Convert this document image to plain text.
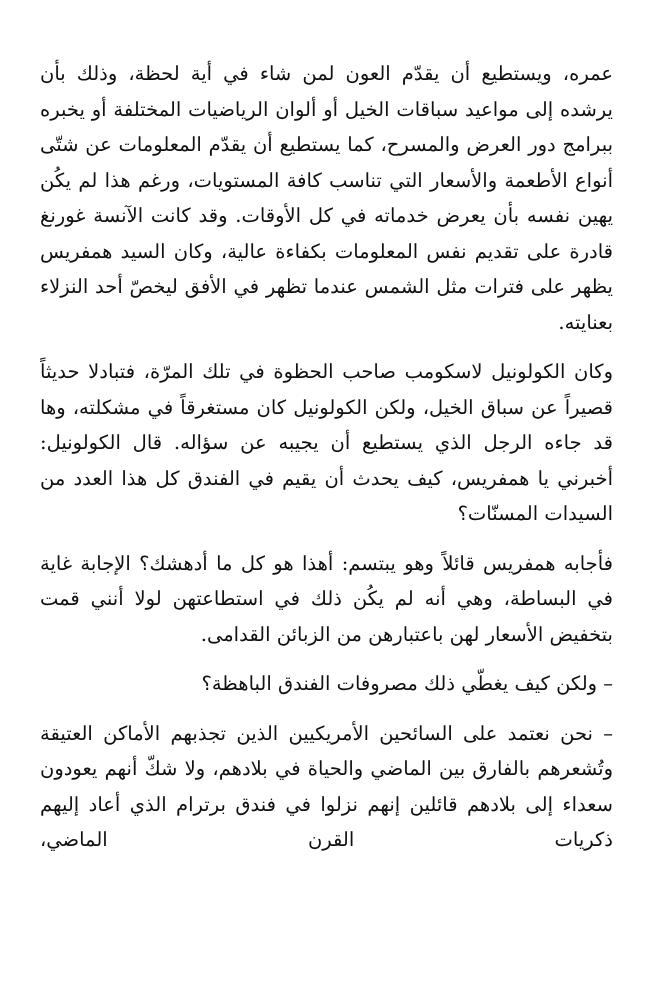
عمره، ويستطيع أن يقدّم العون لمن شاء في أية لحظة، وذلك بأن يرشده إلى مواعيد سباقات الخيل أو ألوان الرياضيات المختلفة أو يخبره ببرامج دور العرض والمسرح، كما يستطيع أن يقدّم المعلومات عن شتّى أنواع الأطعمة والأسعار التي تناسب كافة المستويات، ورغم هذا لم يكُن يهين نفسه بأن يعرض خدماته في كل الأوقات. وقد كانت الآنسة غورنغ قادرة على تقديم نفس المعلومات بكفاءة عالية، وكان السيد همفريس يظهر على فترات مثل الشمس عندما تظهر في الأفق ليخصّ أحد النزلاء بعنايته.

وكان الكولونيل لاسكومب صاحب الحظوة في تلك المرّة، فتبادلا حديثاً قصيراً عن سباق الخيل، ولكن الكولونيل كان مستغرقاً في مشكلته، وها قد جاءه الرجل الذي يستطيع أن يجيبه عن سؤاله. قال الكولونيل: أخبرني يا همفريس، كيف يحدث أن يقيم في الفندق كل هذا العدد من السيدات المسنّات؟

فأجابه همفريس قائلاً وهو يبتسم: أهذا هو كل ما أدهشك؟ الإجابة غاية في البساطة، وهي أنه لم يكُن ذلك في استطاعتهن لولا أنني قمت بتخفيض الأسعار لهن باعتبارهن من الزبائن القدامى.

– ولكن كيف يغطّي ذلك مصروفات الفندق الباهظة؟

– نحن نعتمد على السائحين الأمريكيين الذين تجذبهم الأماكن العتيقة وتُشعرهم بالفارق بين الماضي والحياة في بلادهم، ولا شكّ أنهم يعودون سعداء إلى بلادهم قائلين إنهم نزلوا في فندق برترام الذي أعاد إليهم ذكريات القرن الماضي،
